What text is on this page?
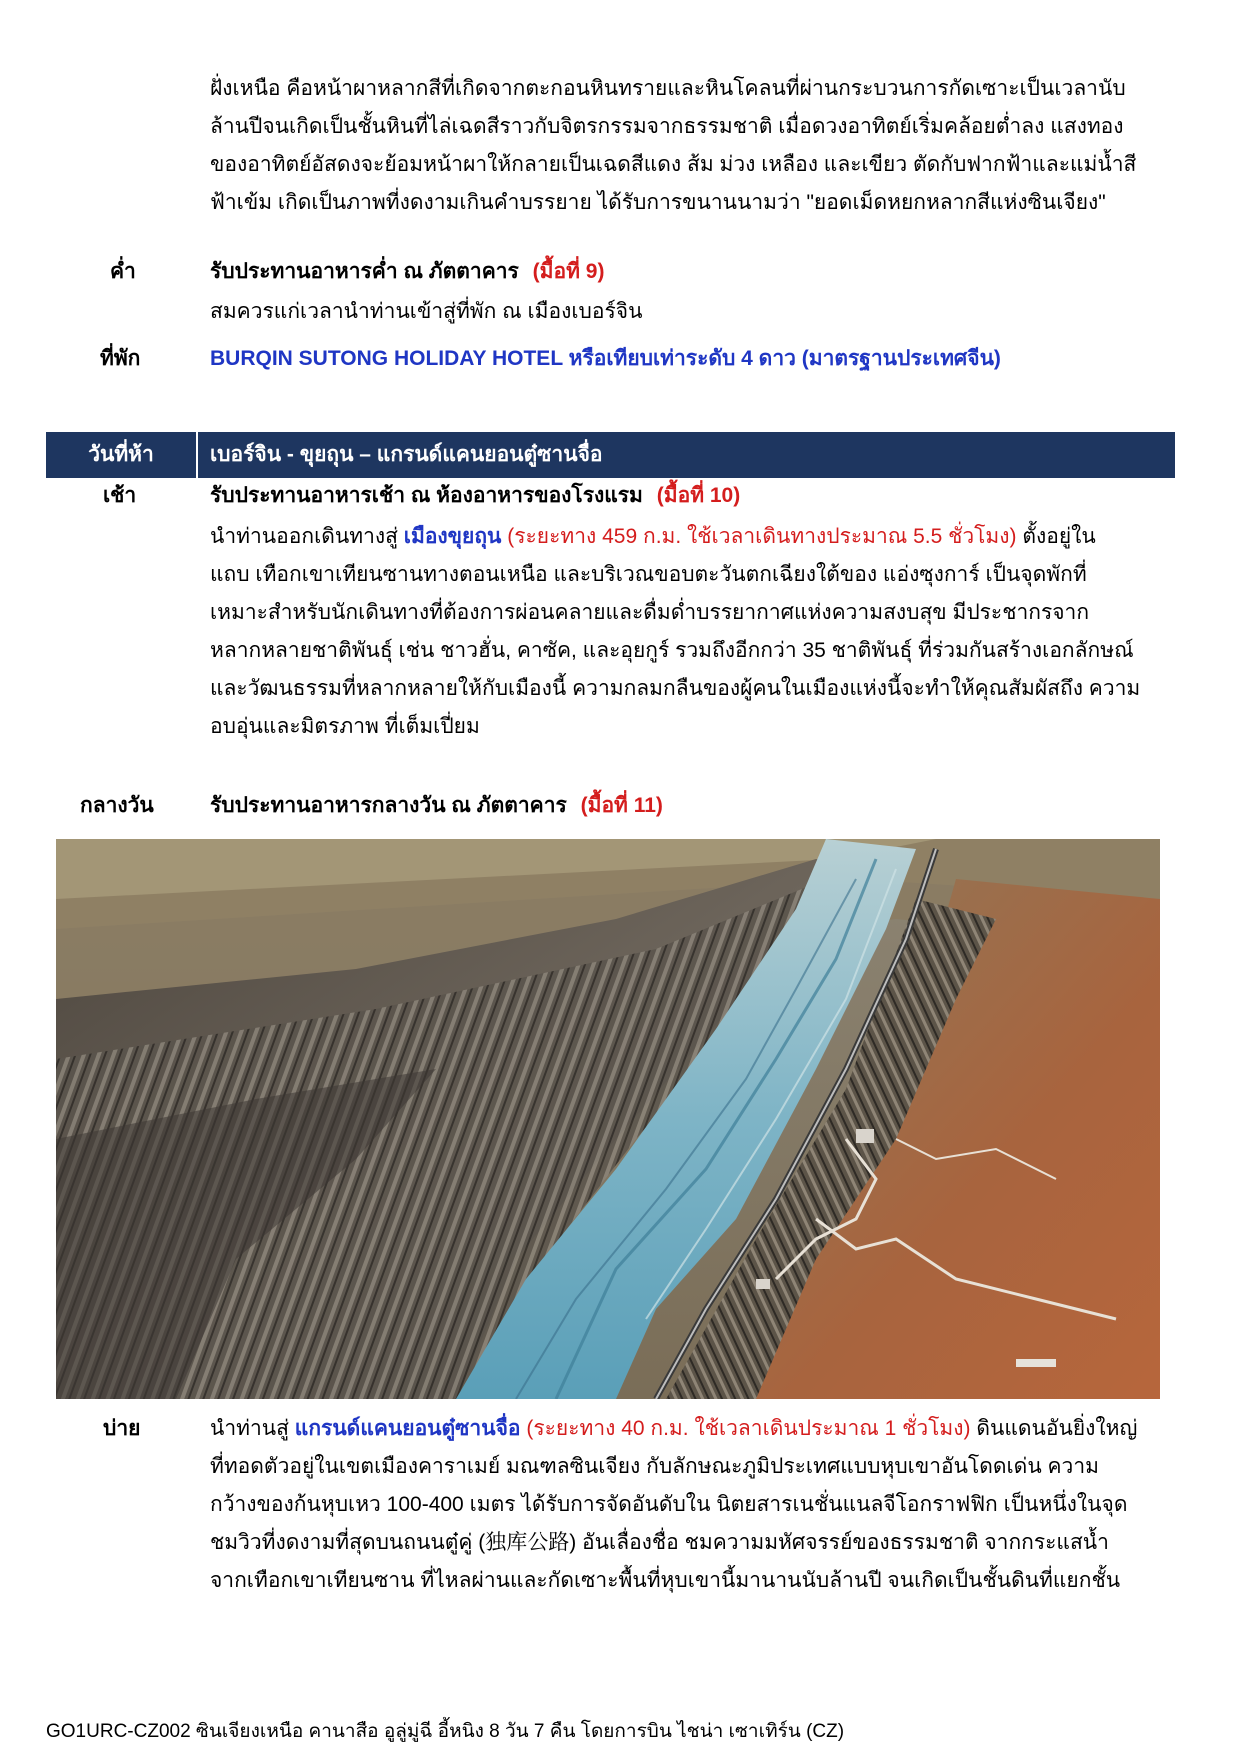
ฝั่งเหนือ คือหน้าผาหลากสีที่เกิดจากตะกอนหินทรายและหินโคลนที่ผ่านกระบวนการกัดเซาะเป็นเวลานับ
ล้านปีจนเกิดเป็นชั้นหินที่ไล่เฉดสีราวกับจิตรกรรมจากธรรมชาติ เมื่อดวงอาทิตย์เริ่มคล้อยต่ำลง แสงทอง
ของอาทิตย์อัสดงจะย้อมหน้าผาให้กลายเป็นเฉดสีแดง ส้ม ม่วง เหลือง และเขียว ตัดกับฟากฟ้าและแม่น้ำสี
ฟ้าเข้ม เกิดเป็นภาพที่งดงามเกินคำบรรยาย ได้รับการขนานนามว่า "ยอดเม็ดหยกหลากสีแห่งซินเจียง"
ค่ำ	รับประทานอาหารค่ำ ณ ภัตตาคาร (มื้อที่ 9)
สมควรแก่เวลานำท่านเข้าสู่ที่พัก ณ เมืองเบอร์จิน
ที่พัก	BURQIN SUTONG HOLIDAY HOTEL หรือเทียบเท่าระดับ 4 ดาว (มาตรฐานประเทศจีน)
วันที่ห้า	เบอร์จิน - ขุยถุน – แกรนด์แคนยอนตู๋ซานจื่อ
เช้า	รับประทานอาหารเช้า ณ ห้องอาหารของโรงแรม (มื้อที่ 10)
นำท่านออกเดินทางสู่ เมืองขุยถุน (ระยะทาง 459 ก.ม. ใช้เวลาเดินทางประมาณ 5.5 ชั่วโมง) ตั้งอยู่ใน
แถบ เทือกเขาเทียนซานทางตอนเหนือ และบริเวณขอบตะวันตกเฉียงใต้ของ แอ่งซุงการ์ เป็นจุดพักที่
เหมาะสำหรับนักเดินทางที่ต้องการผ่อนคลายและดื่มด่ำบรรยากาศแห่งความสงบสุข มีประชากรจาก
หลากหลายชาติพันธุ์ เช่น ชาวฮั่น, คาซัค, และอุยกูร์ รวมถึงอีกกว่า 35 ชาติพันธุ์ ที่ร่วมกันสร้างเอกลักษณ์
และวัฒนธรรมที่หลากหลายให้กับเมืองนี้ ความกลมกลืนของผู้คนในเมืองแห่งนี้จะทำให้คุณสัมผัสถึง ความ
อบอุ่นและมิตรภาพ ที่เต็มเปี่ยม
กลางวัน	รับประทานอาหารกลางวัน ณ ภัตตาคาร (มื้อที่ 11)
บ่าย	นำท่านสู่ แกรนด์แคนยอนตู๋ซานจื่อ (ระยะทาง 40 ก.ม. ใช้เวลาเดินประมาณ 1 ชั่วโมง) ดินแดนอันยิ่งใหญ่
ที่ทอดตัวอยู่ในเขตเมืองคาราเมย์ มณฑลซินเจียง กับลักษณะภูมิประเทศแบบหุบเขาอันโดดเด่น ความ
กว้างของก้นหุบเหว 100-400 เมตร ได้รับการจัดอันดับใน นิตยสารเนชั่นแนลจีโอกราฟฟิก เป็นหนึ่งในจุด
ชมวิวที่งดงามที่สุดบนถนนตู๋คู่ (独库公路) อันเลื่องชื่อ ชมความมหัศจรรย์ของธรรมชาติ จากกระแสน้ำ
จากเทือกเขาเทียนซาน ที่ไหลผ่านและกัดเซาะพื้นที่หุบเขานี้มานานนับล้านปี จนเกิดเป็นชั้นดินที่แยกชั้น
GO1URC-CZ002 ซินเจียงเหนือ คานาสือ อูลู่มู่ฉี อี้หนิง 8 วัน 7 คืน โดยการบิน ไชน่า เซาเทิร์น (CZ)
